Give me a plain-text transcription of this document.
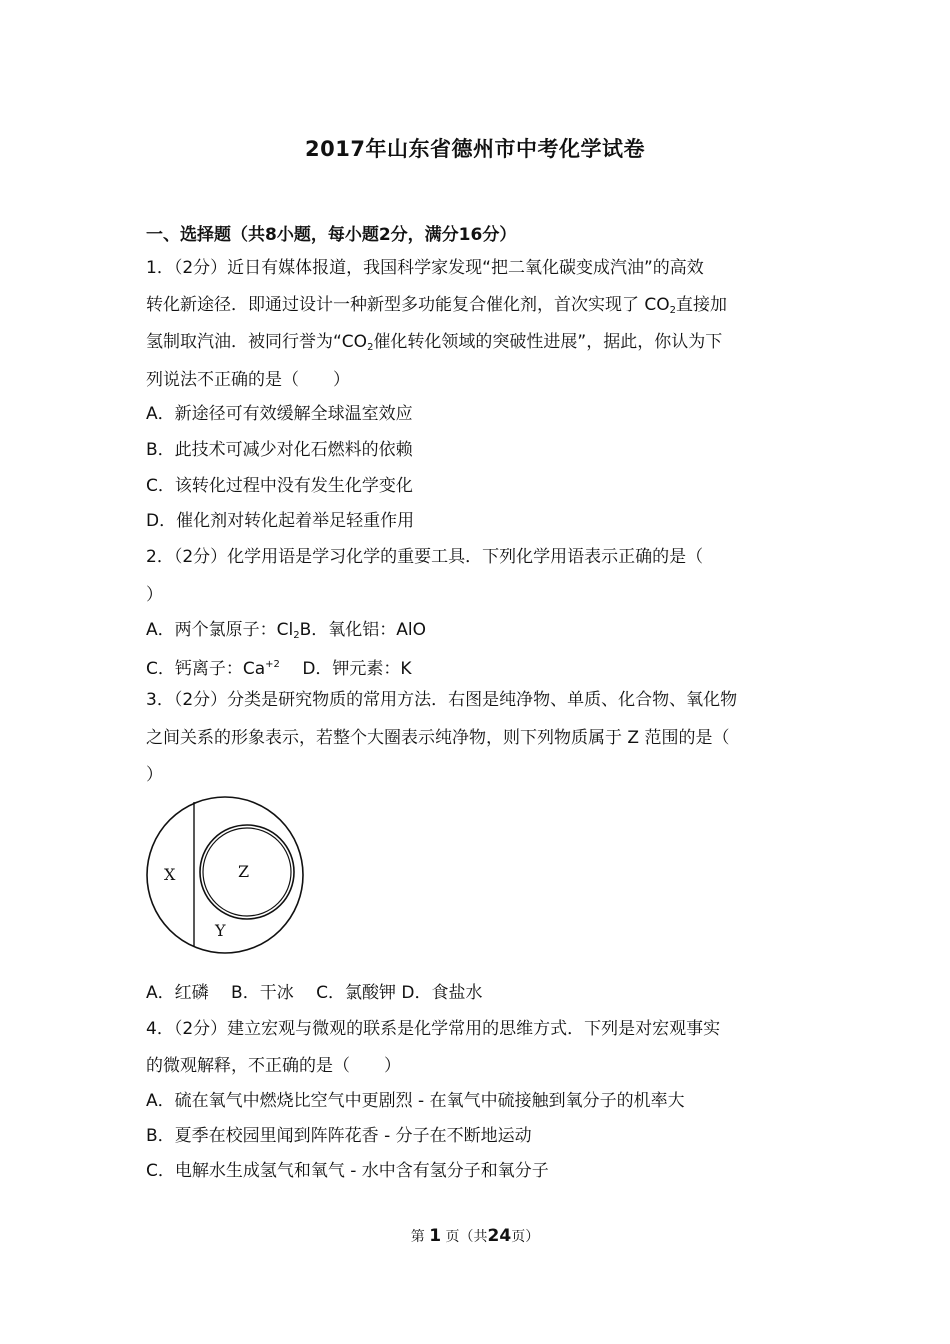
2017年山东省德州市中考化学试卷
一、选择题（共8小题，每小题2分，满分16分）
1．（2分）近日有媒体报道，我国科学家发现“把二氧化碳变成汽油”的高效
转化新途径．即通过设计一种新型多功能复合催化剂，首次实现了 $CO_2$直接加
氢制取汽油．被同行誉为“$CO_2$催化转化领域的突破性进展”，据此，你认为下
列说法不正确的是（　　）
A．新途径可有效缓解全球温室效应
B．此技术可减少对化石燃料的依赖
C．该转化过程中没有发生化学变化
D．催化剂对转化起着举足轻重作用
2．（2分）化学用语是学习化学的重要工具．下列化学用语表示正确的是（
）
A．两个氯原子：$Cl_2B$．氧化铝：AlO
C．钙离子：$Ca^{+2}$　 D．钾元素：K
3．（2分）分类是研究物质的常用方法．右图是纯净物、单质、化合物、氧化物
之间关系的形象表示，若整个大圈表示纯净物，则下列物质属于 Z 范围的是（
）
X	Z
Y
A．红磷　 B．干冰　 C．氯酸钾 D．食盐水
4．（2分）建立宏观与微观的联系是化学常用的思维方式．下列是对宏观事实
的微观解释，不正确的是（　　）
A．硫在氧气中燃烧比空气中更剧烈 - 在氧气中硫接触到氧分子的机率大
B．夏季在校园里闻到阵阵花香 - 分子在不断地运动
C．电解水生成氢气和氧气 - 水中含有氢分子和氧分子
第 1 页（共24页）
